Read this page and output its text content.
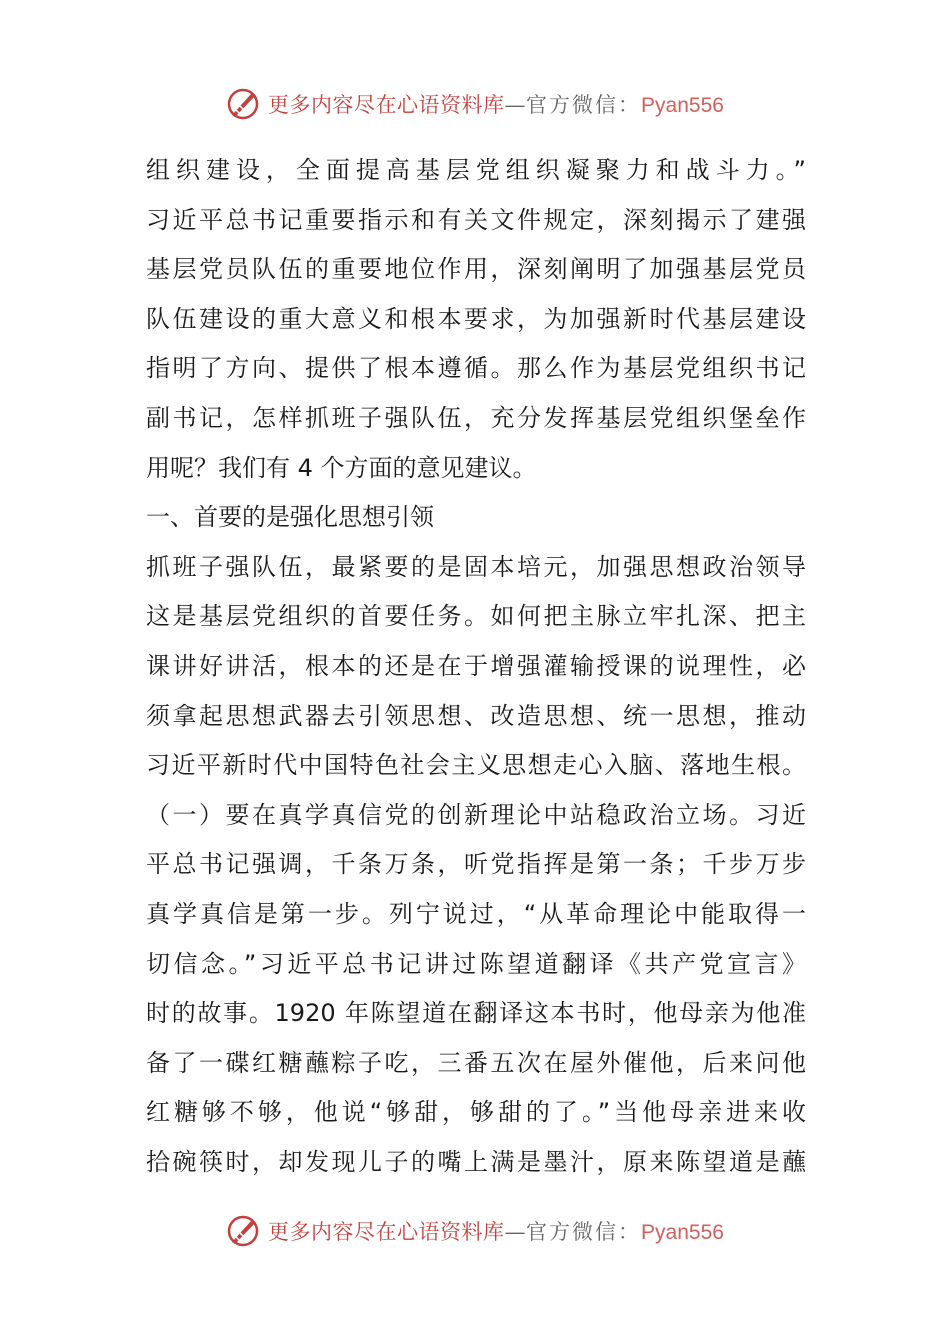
更多内容尽在心语资料库—官方微信：Pyan556
组织建设，全面提高基层党组织凝聚力和战斗力。”
习近平总书记重要指示和有关文件规定，深刻揭示了建强
基层党员队伍的重要地位作用，深刻阐明了加强基层党员
队伍建设的重大意义和根本要求，为加强新时代基层建设
指明了方向、提供了根本遵循。那么作为基层党组织书记
副书记，怎样抓班子强队伍，充分发挥基层党组织堡垒作
用呢？我们有 4 个方面的意见建议。
一、首要的是强化思想引领
抓班子强队伍，最紧要的是固本培元，加强思想政治领导
这是基层党组织的首要任务。如何把主脉立牢扎深、把主
课讲好讲活，根本的还是在于增强灌输授课的说理性，必
须拿起思想武器去引领思想、改造思想、统一思想，推动
习近平新时代中国特色社会主义思想走心入脑、落地生根。
（一）要在真学真信党的创新理论中站稳政治立场。习近
平总书记强调，千条万条，听党指挥是第一条；千步万步
真学真信是第一步。列宁说过，“从革命理论中能取得一
切信念。”习近平总书记讲过陈望道翻译《共产党宣言》
时的故事。1920 年陈望道在翻译这本书时，他母亲为他准
备了一碟红糖蘸粽子吃，三番五次在屋外催他，后来问他
红糖够不够，他说“够甜，够甜的了。”当他母亲进来收
拾碗筷时，却发现儿子的嘴上满是墨汁，原来陈望道是蘸
更多内容尽在心语资料库—官方微信：Pyan556
